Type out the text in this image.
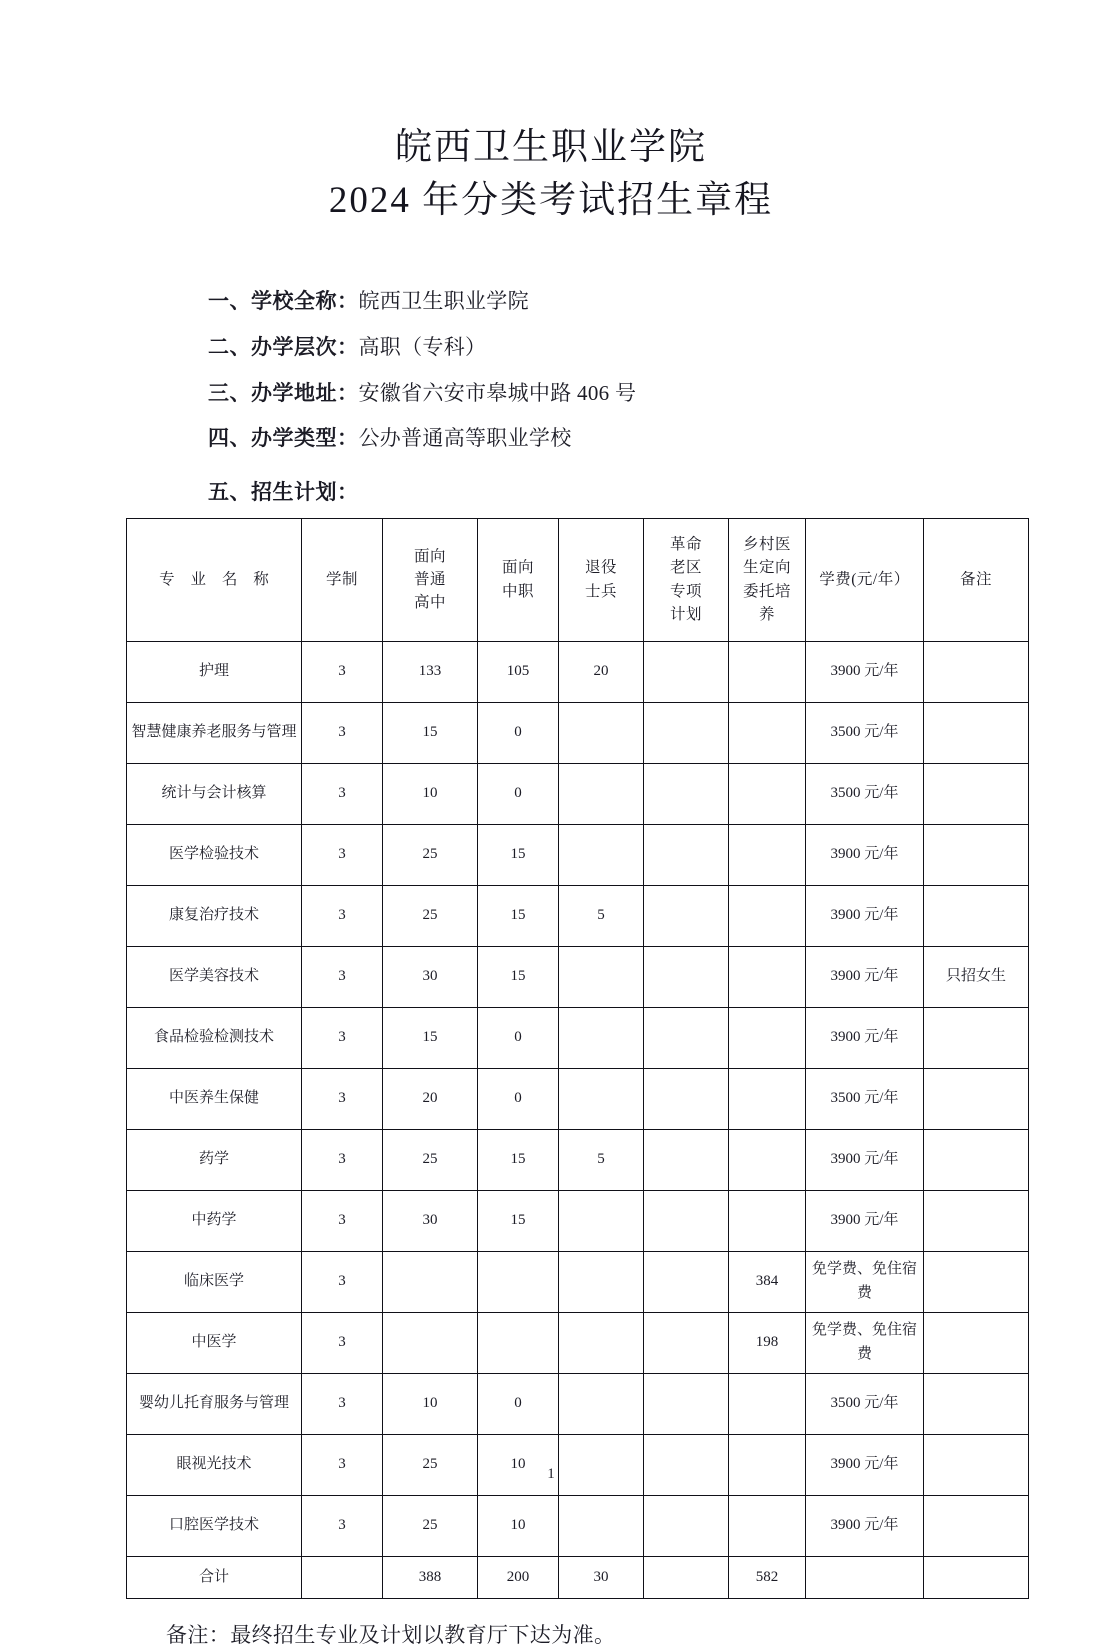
皖西卫生职业学院
2024 年分类考试招生章程
一、学校全称：皖西卫生职业学院
二、办学层次：高职（专科）
三、办学地址：安徽省六安市皋城中路 406 号
四、办学类型：公办普通高等职业学校
五、招生计划：
专 业 名 称	学制	面向
普通
高中	面向
中职	退役
士兵	革命
老区
专项
计划	乡村医
生定向
委托培
养	学费(元/年）	备注
护理	3	133	105	20			3900 元/年	
智慧健康养老服务与管理	3	15	0				3500 元/年	
统计与会计核算	3	10	0				3500 元/年	
医学检验技术	3	25	15				3900 元/年	
康复治疗技术	3	25	15	5			3900 元/年	
医学美容技术	3	30	15				3900 元/年	只招女生
食品检验检测技术	3	15	0				3900 元/年	
中医养生保健	3	20	0				3500 元/年	
药学	3	25	15	5			3900 元/年	
中药学	3	30	15				3900 元/年	
临床医学	3					384	免学费、免住宿费	
中医学	3					198	免学费、免住宿费	
婴幼儿托育服务与管理	3	10	0				3500 元/年	
眼视光技术	3	25	10				3900 元/年	
口腔医学技术	3	25	10				3900 元/年	
合计		388	200	30		582		
备注：最终招生专业及计划以教育厅下达为准。
1
